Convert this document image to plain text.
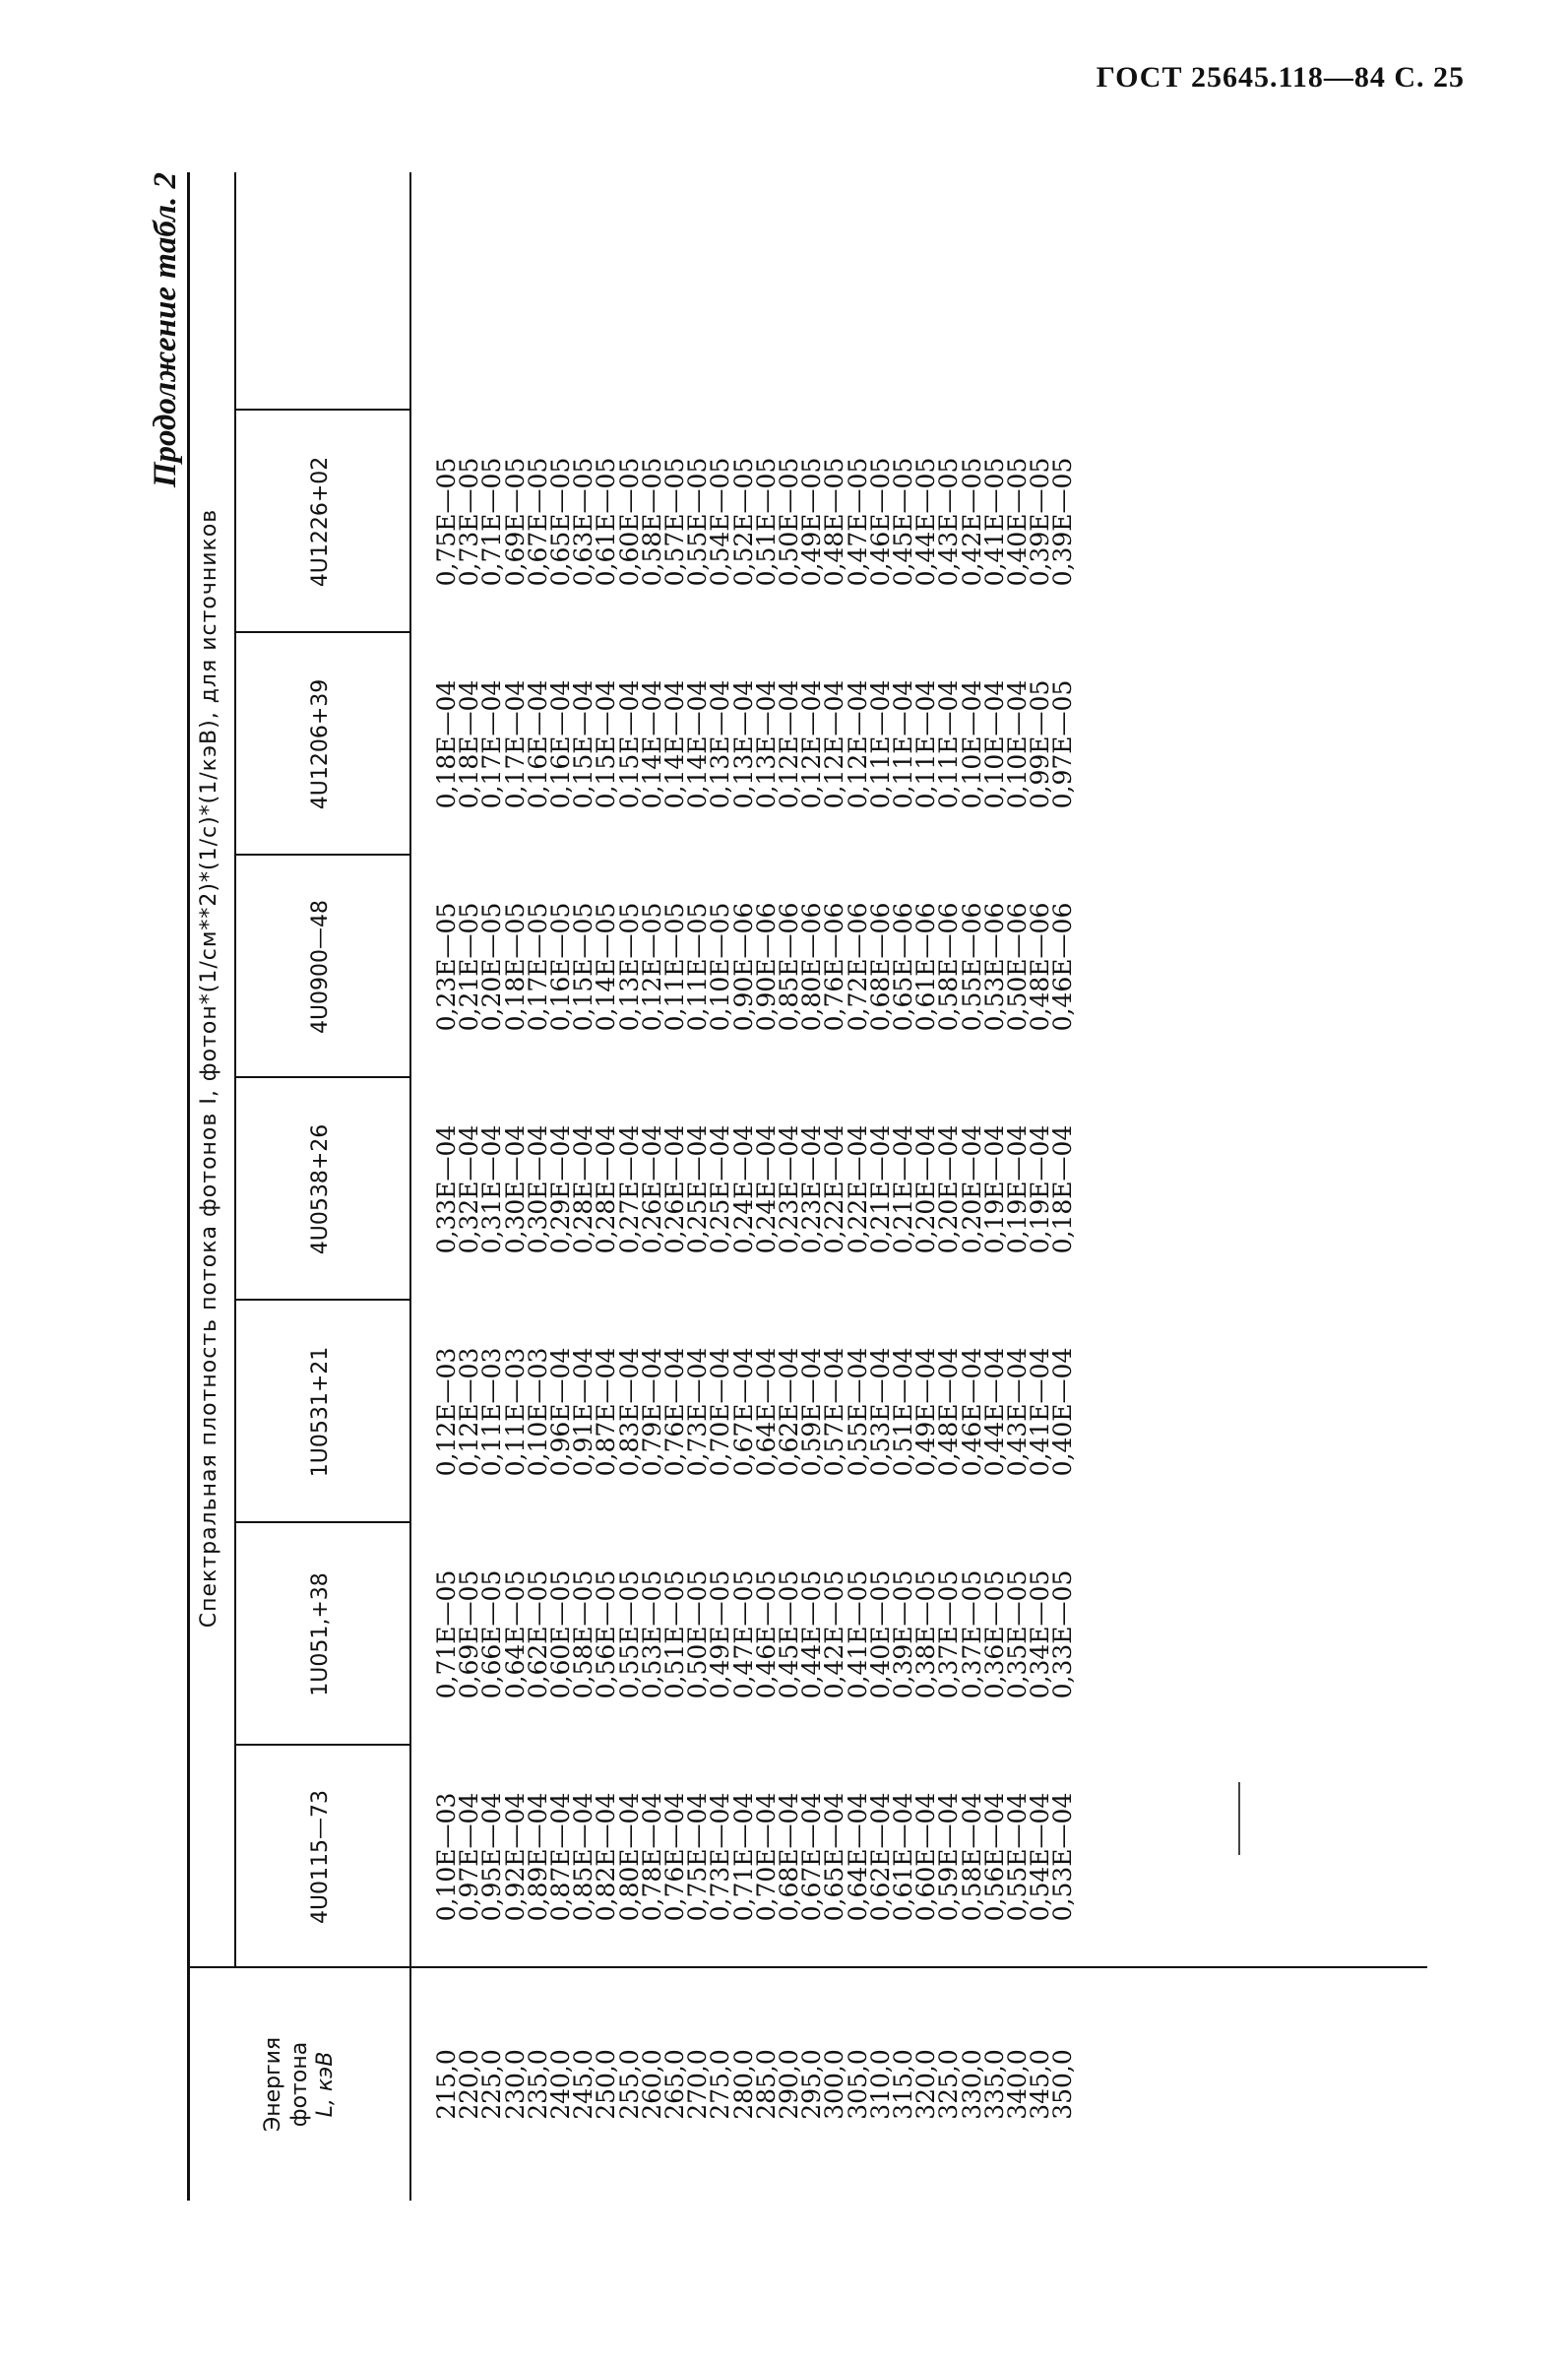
ГОСТ 25645.118—84 С. 25
Продолжение табл. 2
Спектральная плотность потока фотонов I, фотон*(1/см**2)*(1/с)*(1/кэВ), для источников
Энергия фотона L, кэВ
4U0115—73
1U051,+38
1U0531+21
4U0538+26
4U0900—48
4U1206+39
4U1226+02
215,0
220,0
225,0
230,0
235,0
240,0
245,0
250,0
255,0
260,0
265,0
270,0
275,0
280,0
285,0
290,0
295,0
300,0
305,0
310,0
315,0
320,0
325,0
330,0
335,0
340,0
345,0
350,0
0,10E—03
0,97E—04
0,95E—04
0,92E—04
0,89E—04
0,87E—04
0,85E—04
0,82E—04
0,80E—04
0,78E—04
0,76E—04
0,75E—04
0,73E—04
0,71E—04
0,70E—04
0,68E—04
0,67E—04
0,65E—04
0,64E—04
0,62E—04
0,61E—04
0,60E—04
0,59E—04
0,58E—04
0,56E—04
0,55E—04
0,54E—04
0,53E—04
0,71E—05
0,69E—05
0,66E—05
0,64E—05
0,62E—05
0,60E—05
0,58E—05
0,56E—05
0,55E—05
0,53E—05
0,51E—05
0,50E—05
0,49E—05
0,47E—05
0,46E—05
0,45E—05
0,44E—05
0,42E—05
0,41E—05
0,40E—05
0,39E—05
0,38E—05
0,37E—05
0,37E—05
0,36E—05
0,35E—05
0,34E—05
0,33E—05
0,12E—03
0,12E—03
0,11E—03
0,11E—03
0,10E—03
0,96E—04
0,91E—04
0,87E—04
0,83E—04
0,79E—04
0,76E—04
0,73E—04
0,70E—04
0,67E—04
0,64E—04
0,62E—04
0,59E—04
0,57E—04
0,55E—04
0,53E—04
0,51E—04
0,49E—04
0,48E—04
0,46E—04
0,44E—04
0,43E—04
0,41E—04
0,40E—04
0,33E—04
0,32E—04
0,31E—04
0,30E—04
0,30E—04
0,29E—04
0,28E—04
0,28E—04
0,27E—04
0,26E—04
0,26E—04
0,25E—04
0,25E—04
0,24E—04
0,24E—04
0,23E—04
0,23E—04
0,22E—04
0,22E—04
0,21E—04
0,21E—04
0,20E—04
0,20E—04
0,20E—04
0,19E—04
0,19E—04
0,19E—04
0,18E—04
0,23E—05
0,21E—05
0,20E—05
0,18E—05
0,17E—05
0,16E—05
0,15E—05
0,14E—05
0,13E—05
0,12E—05
0,11E—05
0,11E—05
0,10E—05
0,90E—06
0,90E—06
0,85E—06
0,80E—06
0,76E—06
0,72E—06
0,68E—06
0,65E—06
0,61E—06
0,58E—06
0,55E—06
0,53E—06
0,50E—06
0,48E—06
0,46E—06
0,18E—04
0,18E—04
0,17E—04
0,17E—04
0,16E—04
0,16E—04
0,15E—04
0,15E—04
0,15E—04
0,14E—04
0,14E—04
0,14E—04
0,13E—04
0,13E—04
0,13E—04
0,12E—04
0,12E—04
0,12E—04
0,12E—04
0,11E—04
0,11E—04
0,11E—04
0,11E—04
0,10E—04
0,10E—04
0,10E—04
0,99E—05
0,97E—05
0,75E—05
0,73E—05
0,71E—05
0,69E—05
0,67E—05
0,65E—05
0,63E—05
0,61E—05
0,60E—05
0,58E—05
0,57E—05
0,55E—05
0,54E—05
0,52E—05
0,51E—05
0,50E—05
0,49E—05
0,48E—05
0,47E—05
0,46E—05
0,45E—05
0,44E—05
0,43E—05
0,42E—05
0,41E—05
0,40E—05
0,39E—05
0,39E—05
